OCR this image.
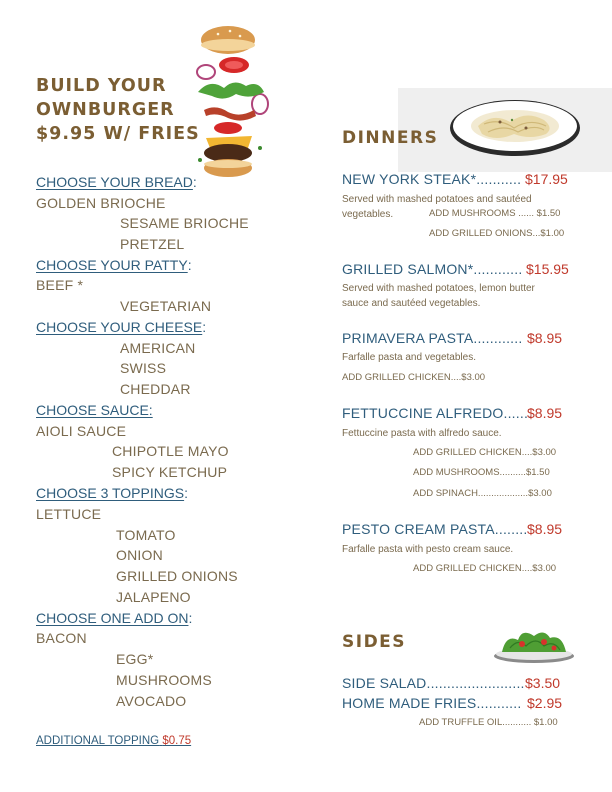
BUILD YOUR
OWNBURGER
$9.95 W/ FRIES
CHOOSE YOUR BREAD:
GOLDEN BRIOCHE
SESAME BRIOCHE
PRETZEL
CHOOSE YOUR PATTY:
BEEF *
VEGETARIAN
CHOOSE YOUR CHEESE:
AMERICAN
SWISS
CHEDDAR
CHOOSE SAUCE:
AIOLI SAUCE
CHIPOTLE MAYO
SPICY KETCHUP
CHOOSE 3 TOPPINGS:
LETTUCE
TOMATO
ONION
GRILLED ONIONS
JALAPENO
CHOOSE ONE ADD ON:
BACON
EGG*
MUSHROOMS
AVOCADO
ADDITIONAL TOPPING $0.75
DINNERS
NEW YORK STEAK*........... $17.95
Served with mashed potatoes and sautéed
vegetables.	ADD MUSHROOMS ...... $1.50
ADD GRILLED ONIONS...$1.00
GRILLED SALMON*............ $15.95
Served with mashed potatoes, lemon butter
sauce and sautéed vegetables.
PRIMAVERA PASTA............ $8.95
Farfalle pasta and vegetables.
ADD GRILLED CHICKEN....$3.00
FETTUCCINE ALFREDO.......
$8.95
Fettuccine pasta with alfredo sauce.
ADD GRILLED CHICKEN....$3.00
ADD MUSHROOMS..........$1.50
ADD SPINACH...................$3.00
PESTO CREAM PASTA........ $8.95
Farfalle pasta with pesto cream sauce.
ADD GRILLED CHICKEN....$3.00
SIDES
SIDE SALAD........................ $3.50
HOME MADE FRIES........... $2.95
ADD TRUFFLE OIL........... $1.00
